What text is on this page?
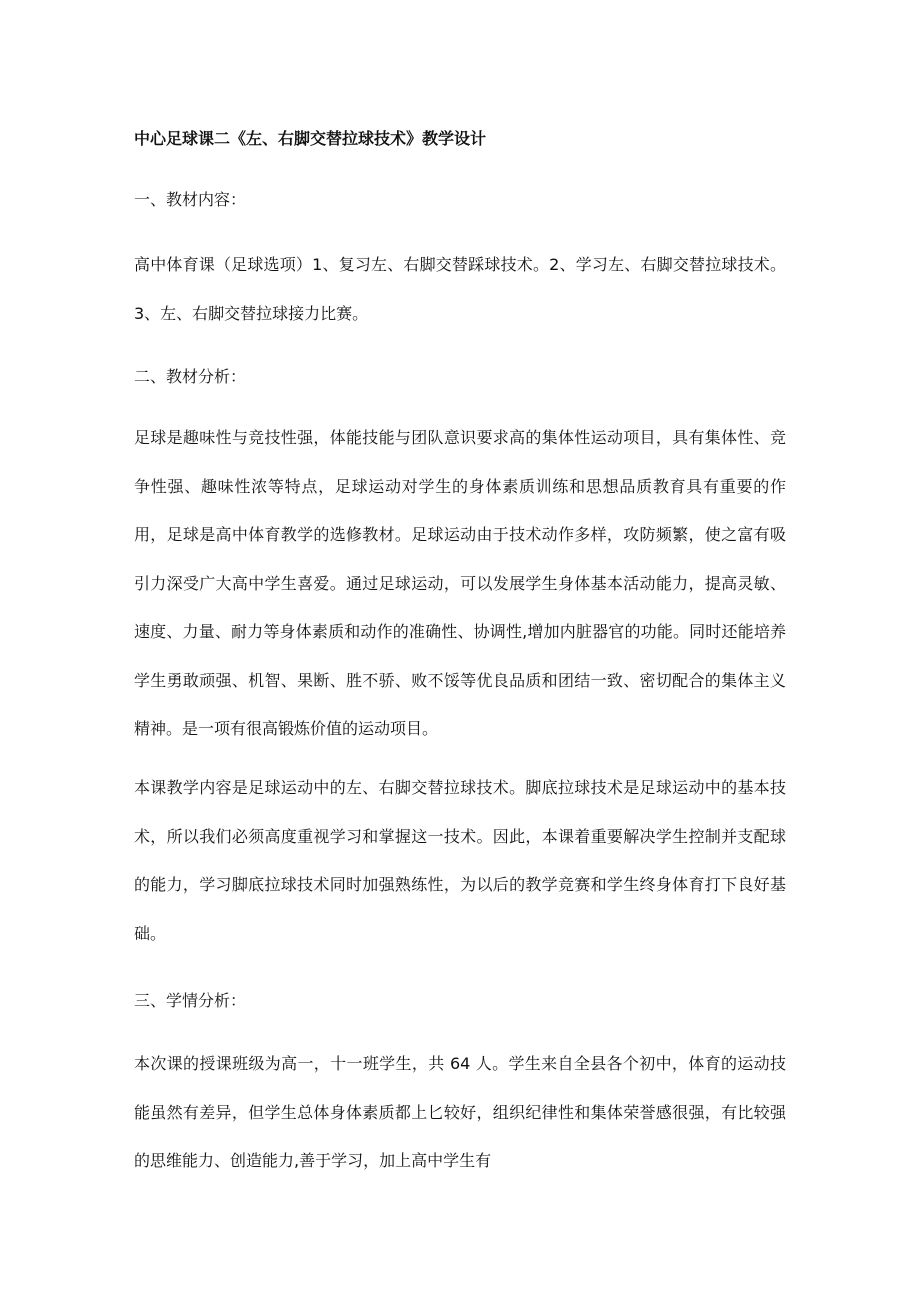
中心足球课二《左、右脚交替拉球技术》教学设计
一、教材内容：

高中体育课（足球选项）1、复习左、右脚交替踩球技术。2、学习左、右脚交替拉球技术。3、左、右脚交替拉球接力比赛。

二、教材分析：

足球是趣味性与竞技性强，体能技能与团队意识要求高的集体性运动项目，具有集体性、竞争性强、趣味性浓等特点，足球运动对学生的身体素质训练和思想品质教育具有重要的作用，足球是高中体育教学的选修教材。足球运动由于技术动作多样，攻防频繁，使之富有吸引力深受广大高中学生喜爱。通过足球运动，可以发展学生身体基本活动能力，提高灵敏、速度、力量、耐力等身体素质和动作的准确性、协调性,增加内脏器官的功能。同时还能培养学生勇敢顽强、机智、果断、胜不骄、败不馁等优良品质和团结一致、密切配合的集体主义精神。是一项有很高锻炼价值的运动项目。

本课教学内容是足球运动中的左、右脚交替拉球技术。脚底拉球技术是足球运动中的基本技术，所以我们必须高度重视学习和掌握这一技术。因此，本课着重要解决学生控制并支配球的能力，学习脚底拉球技术同时加强熟练性，为以后的教学竞赛和学生终身体育打下良好基础。

三、学情分析：

本次课的授课班级为高一，十一班学生，共 64 人。学生来自全县各个初中，体育的运动技能虽然有差异，但学生总体身体素质都上匕较好，组织纪律性和集体荣誉感很强，有比较强的思维能力、创造能力,善于学习，加上高中学生有
